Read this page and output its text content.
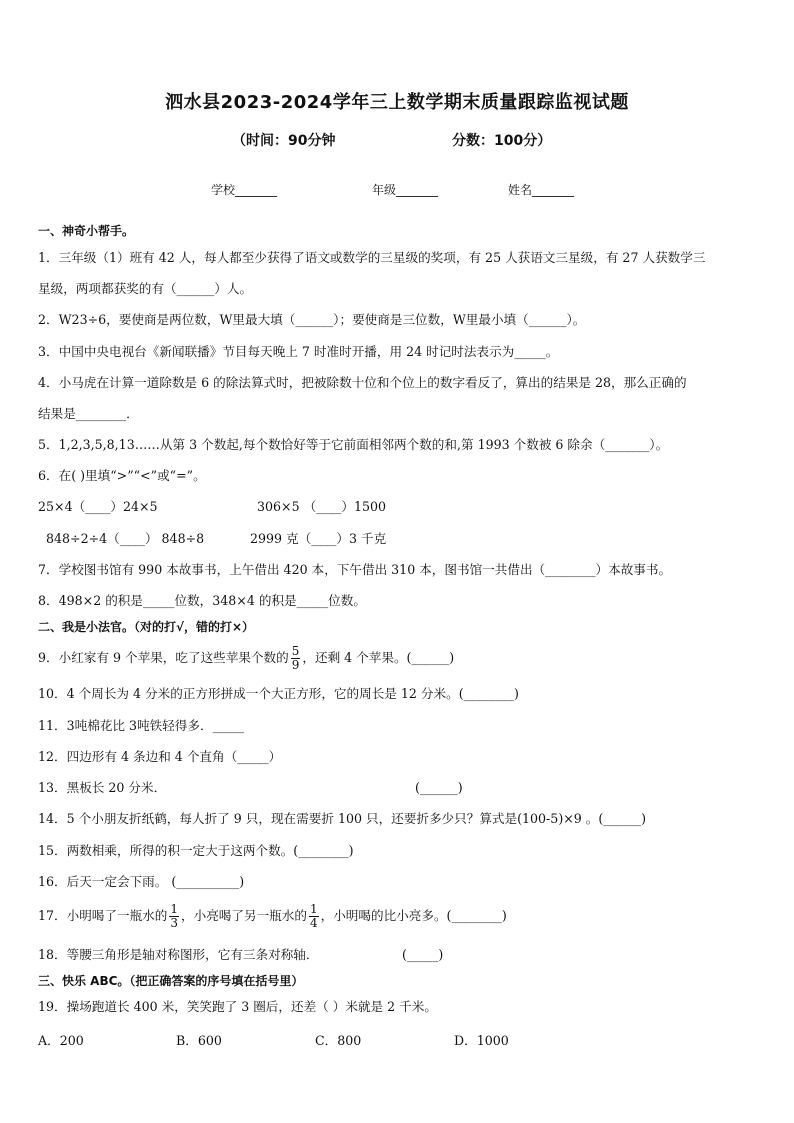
泗水县2023-2024学年三上数学期末质量跟踪监视试题
（时间：90分钟	分数：100分）
学校_______	年级_______	姓名_______
一、神奇小帮手。
1．三年级（1）班有 42 人，每人都至少获得了语文或数学的三星级的奖项，有 25 人获语文三星级，有 27 人获数学三
星级，两项都获奖的有（______）人。
2．W23÷6，要使商是两位数，W里最大填（______）；要使商是三位数，W里最小填（______）。
3．中国中央电视台《新闻联播》节目每天晚上 7 时准时开播，用 24 时记时法表示为_____。
4．小马虎在计算一道除数是 6 的除法算式时，把被除数十位和个位上的数字看反了，算出的结果是 28，那么正确的
结果是________．
5．1,2,3,5,8,13……从第 3 个数起,每个数恰好等于它前面相邻两个数的和,第 1993 个数被 6 除余（_______）。
6．在( )里填“>”“<”或“=”。
25×4（____）24×5	306×5 （____）1500
848÷2÷4（____） 848÷8	2999 克（____）3 千克
7．学校图书馆有 990 本故事书，上午借出 420 本，下午借出 310 本，图书馆一共借出（________）本故事书。
8．498×2 的积是_____位数，348×4 的积是_____位数。
二、我是小法官。（对的打√，错的打×）
9．小红家有 9 个苹果，吃了这些苹果个数的 $\frac{5}{9}$ ，还剩 4 个苹果。(______)
10．4 个周长为 4 分米的正方形拼成一个大正方形，它的周长是 12 分米。(________)
11．3吨棉花比 3吨铁轻得多．_____
12．四边形有 4 条边和 4 个直角（_____）
13．黑板长 20 分米．	(______)
14．5 个小朋友折纸鹤，每人折了 9 只，现在需要折 100 只，还要折多少只？算式是(100-5)×9 。(______)
15．两数相乘，所得的积一定大于这两个数。(________)
16．后天一定会下雨。 (__________)
17．小明喝了一瓶水的 $\frac{1}{3}$ ，小亮喝了另一瓶水的 $\frac{1}{4}$ ，小明喝的比小亮多。(________)
18．等腰三角形是轴对称图形，它有三条对称轴．	(_____)
三、快乐 ABC。（把正确答案的序号填在括号里）
19．操场跑道长 400 米，笑笑跑了 3 圈后，还差（ ）米就是 2 千米。
A．200	B．600	C．800	D．1000
